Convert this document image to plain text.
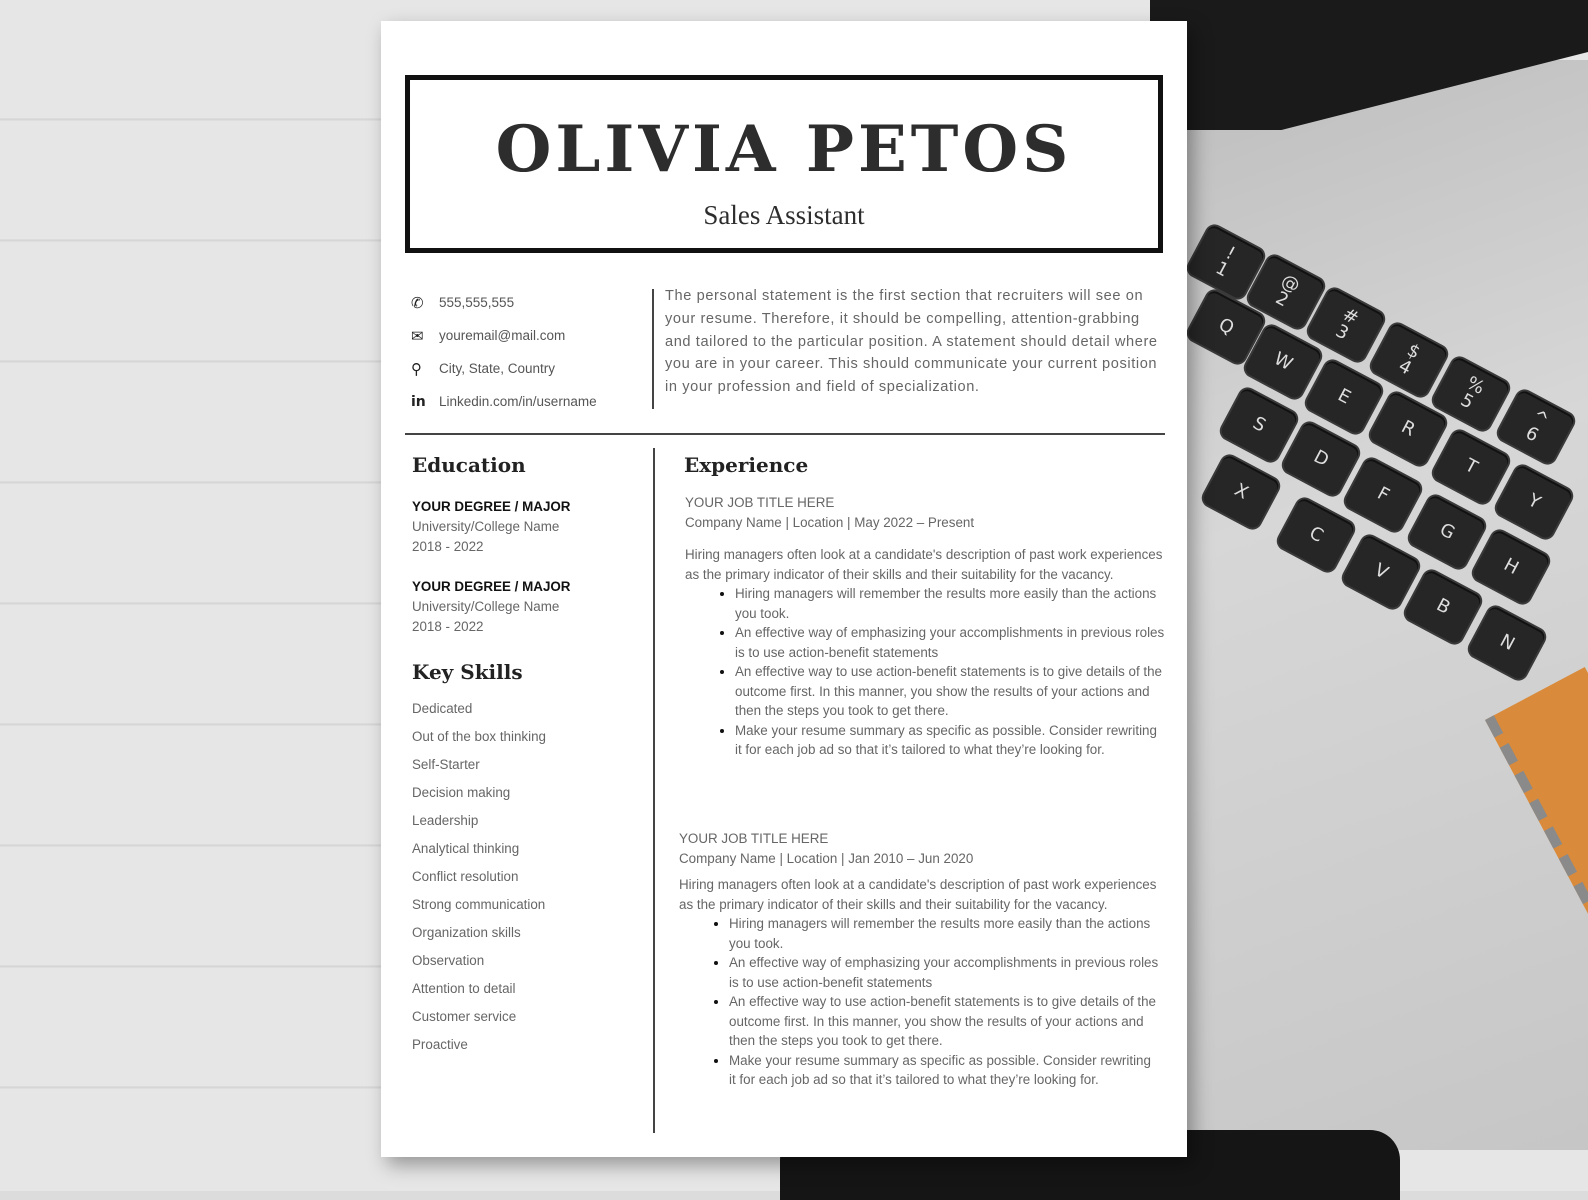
!
1
@
2
#
3
$
4
%
5
^
6
Q
W
E
R
T
Y
S
D
F
G
H
X
C
V
B
N
OLIVIA PETOS
Sales Assistant
✆	555,555,555
✉	youremail@mail.com
⚲	City, State, Country
in Linkedin.com/in/username
The personal statement is the first section that recruiters will see on your resume. Therefore, it should be compelling, attention-grabbing and tailored to the particular position. A statement should detail where you are in your career. This should communicate your current position in your profession and field of specialization.
Education
YOUR DEGREE / MAJOR
University/College Name
2018 - 2022
YOUR DEGREE / MAJOR
University/College Name
2018 - 2022
Key Skills
Dedicated
Out of the box thinking
Self-Starter
Decision making
Leadership
Analytical thinking
Conflict resolution
Strong communication
Organization skills
Observation
Attention to detail
Customer service
Proactive
Experience
YOUR JOB TITLE HERE
Company Name | Location | May 2022 – Present
Hiring managers often look at a candidate's description of past work experiences as the primary indicator of their skills and their suitability for the vacancy.
• Hiring managers will remember the results more easily than the actions you took.
• An effective way of emphasizing your accomplishments in previous roles is to use action-benefit statements
• An effective way to use action-benefit statements is to give details of the outcome first. In this manner, you show the results of your actions and then the steps you took to get there.
• Make your resume summary as specific as possible. Consider rewriting it for each job ad so that it’s tailored to what they’re looking for.
YOUR JOB TITLE HERE
Company Name | Location | Jan 2010 – Jun 2020
Hiring managers often look at a candidate's description of past work experiences as the primary indicator of their skills and their suitability for the vacancy.
• Hiring managers will remember the results more easily than the actions you took.
• An effective way of emphasizing your accomplishments in previous roles is to use action-benefit statements
• An effective way to use action-benefit statements is to give details of the outcome first. In this manner, you show the results of your actions and then the steps you took to get there.
• Make your resume summary as specific as possible. Consider rewriting it for each job ad so that it’s tailored to what they’re looking for.
